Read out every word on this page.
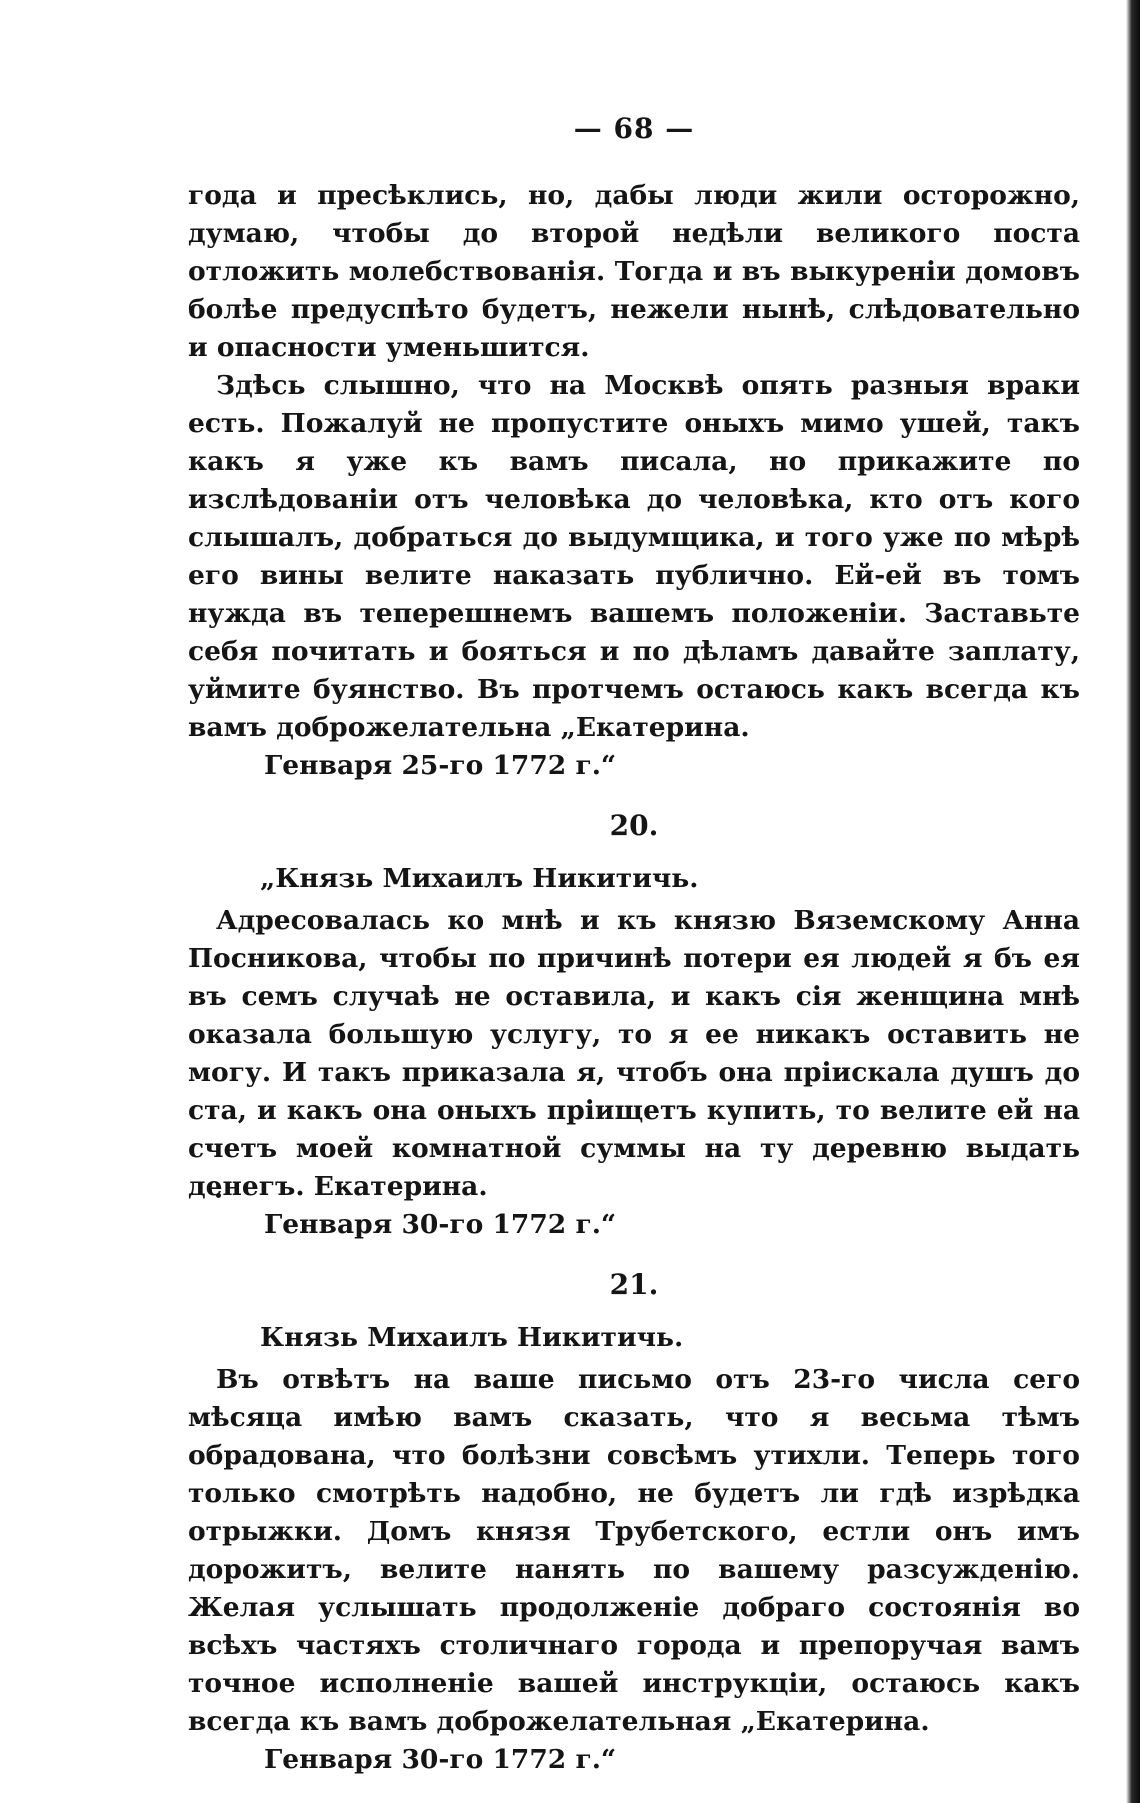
— 68 —

года и пресѣклись, но, дабы люди жили осторожно, думаю, чтобы до второй недѣли великого поста отложить молебствованія. Тогда и въ выкуреніи домовъ болѣе предуспѣто будетъ, нежели нынѣ, слѣдовательно и опасности уменьшится.

Здѣсь слышно, что на Москвѣ опять разныя враки есть. Пожалуй не пропустите оныхъ мимо ушей, такъ какъ я уже къ вамъ писала, но прикажите по изслѣдованіи отъ человѣка до человѣка, кто отъ кого слышалъ, добраться до выдумщика, и того уже по мѣрѣ его вины велите наказать публично. Ей-ей въ томъ нужда въ теперешнемъ вашемъ положеніи. Заставьте себя почитать и бояться и по дѣламъ давайте заплату, уймите буянство. Въ протчемъ остаюсь какъ всегда къ вамъ доброжелательна „Екатерина.

Генваря 25-го 1772 г.“
20.
„Князь Михаилъ Никитичь.

Адресовалась ко мнѣ и къ князю Вяземскому Анна Посникова, чтобы по причинѣ потери ея людей я бъ ея въ семъ случаѣ не оставила, и какъ сія женщина мнѣ оказала большую услугу, то я ее никакъ оставить не могу. И такъ приказала я, чтобъ она пріискала душъ до ста, и какъ она оныхъ пріищетъ купить, то велите ей на счетъ моей комнатной суммы на ту деревню выдать денегъ. Екатерина.

Генваря 30-го 1772 г.“
21.
Князь Михаилъ Никитичь.

Въ отвѣтъ на ваше письмо отъ 23-го числа сего мѣсяца имѣю вамъ сказать, что я весьма тѣмъ обрадована, что болѣзни совсѣмъ утихли. Теперь того только смотрѣть надобно, не будетъ ли гдѣ изрѣдка отрыжки. Домъ князя Трубетского, естли онъ имъ дорожитъ, велите нанять по вашему разсужденію. Желая услышать продолженіе добраго состоянія во всѣхъ частяхъ столичнаго города и препоручая вамъ точное исполненіе вашей инструкціи, остаюсь какъ всегда къ вамъ доброжелательная „Екатерина.

Генваря 30-го 1772 г.“
